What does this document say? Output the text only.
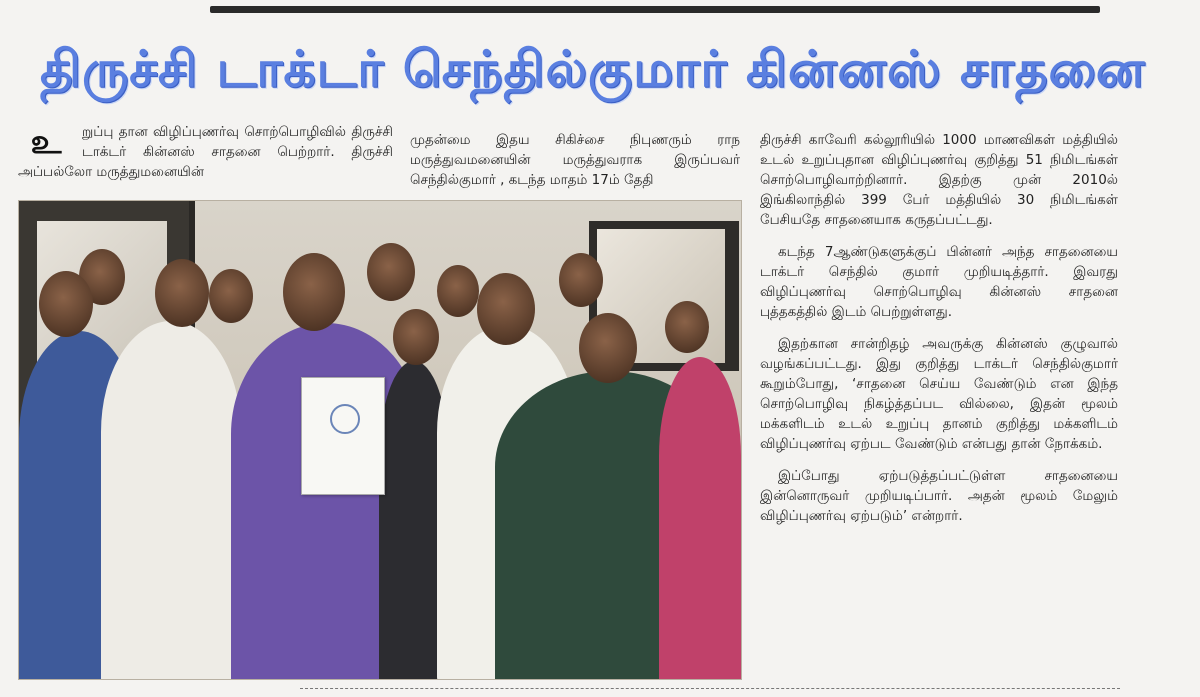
திருச்சி டாக்டர் செந்தில்குமார் கின்னஸ் சாதனை
உ	றுப்பு தான விழிப்புணர்வு சொற்பொழிவில் திருச்சி டாக்டர் கின்னஸ் சாதனை பெற்றார். திருச்சி அப்பல்லோ மருத்துமனையின்
முதன்மை இதய சிகிச்சை நிபுணரும் ராந மருத்துவமனையின் மருத்துவராக இருப்பவர் செந்தில்குமார் , கடந்த மாதம் 17ம் தேதி

திருச்சி காவேரி கல்லூரியில் 1000 மாணவிகள் மத்தியில் உடல் உறுப்புதான விழிப்புணர்வு குறித்து 51 நிமிடங்கள் சொற்பொழிவாற்றினார். இதற்கு முன் 2010ல் இங்கிலாந்தில் 399 பேர் மத்தியில் 30 நிமிடங்கள் பேசியதே சாதனையாக கருதப்பட்டது.

கடந்த 7ஆண்டுகளுக்குப் பின்னர் அந்த சாதனையை டாக்டர் செந்தில் குமார் முறியடித்தார். இவரது விழிப்புணர்வு சொற்பொழிவு கின்னஸ் சாதனை புத்தகத்தில் இடம் பெற்றுள்ளது.

இதற்கான சான்றிதழ் அவருக்கு கின்னஸ் குழுவால் வழங்கப்பட்டது. இது குறித்து டாக்டர் செந்தில்குமார் கூறும்போது, ‘சாதனை செய்ய வேண்டும் என இந்த சொற்பொழிவு நிகழ்த்தப்பட வில்லை, இதன் மூலம் மக்களிடம் உடல் உறுப்பு தானம் குறித்து மக்களிடம் விழிப்புணர்வு ஏற்பட வேண்டும் என்பது தான் நோக்கம்.

இப்போது ஏற்படுத்தப்பட்டுள்ள சாதனையை இன்னொருவர் முறியடிப்பார். அதன் மூலம் மேலும் விழிப்புணர்வு ஏற்படும்’ என்றார்.
